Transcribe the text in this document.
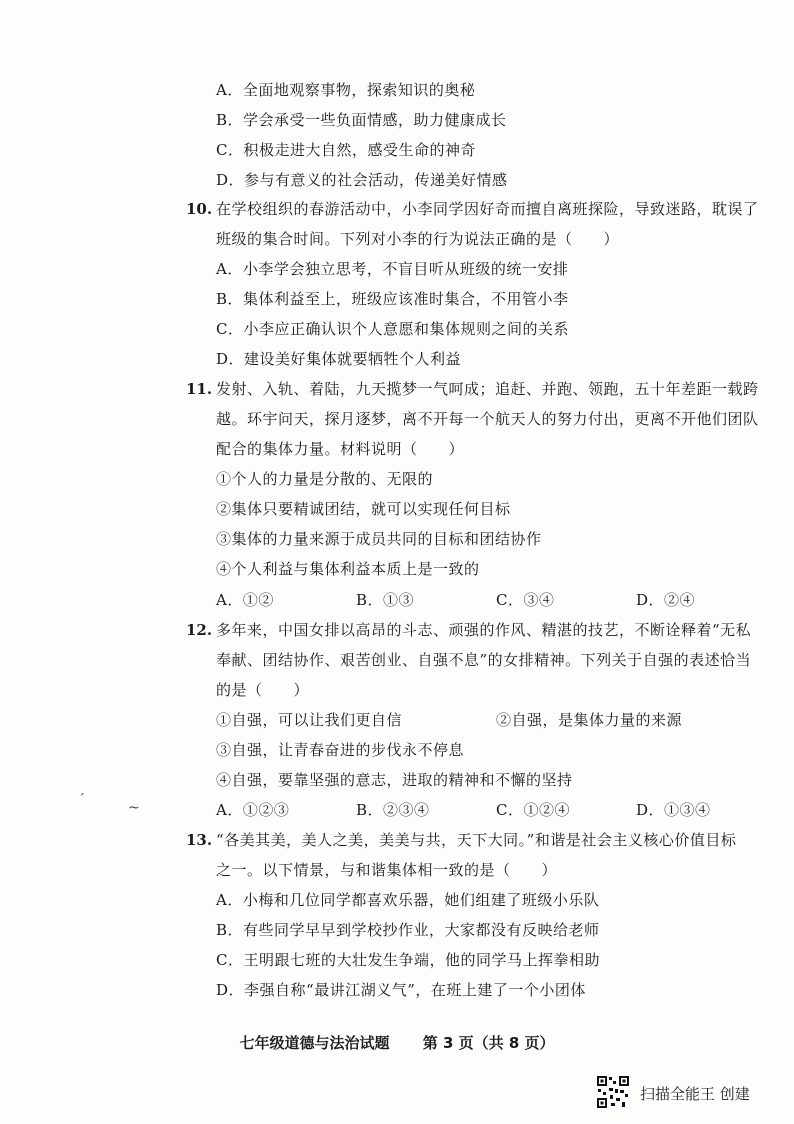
A．全面地观察事物，探索知识的奥秘
B．学会承受一些负面情感，助力健康成长
C．积极走进大自然，感受生命的神奇
D．参与有意义的社会活动，传递美好情感
10. 在学校组织的春游活动中，小李同学因好奇而擅自离班探险，导致迷路，耽误了
班级的集合时间。下列对小李的行为说法正确的是（　　）
A．小李学会独立思考，不盲目听从班级的统一安排
B．集体利益至上，班级应该准时集合，不用管小李
C．小李应正确认识个人意愿和集体规则之间的关系
D．建设美好集体就要牺牲个人利益
11. 发射、入轨、着陆，九天揽梦一气呵成；追赶、并跑、领跑，五十年差距一载跨
越。环宇问天，探月逐梦，离不开每一个航天人的努力付出，更离不开他们团队
配合的集体力量。材料说明（　　）
①个人的力量是分散的、无限的
②集体只要精诚团结，就可以实现任何目标
③集体的力量来源于成员共同的目标和团结协作
④个人利益与集体利益本质上是一致的
A．①②	B．①③	C．③④	D．②④
12. 多年来，中国女排以高昂的斗志、顽强的作风、精湛的技艺，不断诠释着“无私
奉献、团结协作、艰苦创业、自强不息”的女排精神。下列关于自强的表述恰当
的是（　　）
①自强，可以让我们更自信	②自强，是集体力量的来源
③自强，让青春奋进的步伐永不停息
④自强，要靠坚强的意志，进取的精神和不懈的坚持
A．①②③	B．②③④	C．①②④	D．①③④
ˊ	~
13. “各美其美，美人之美，美美与共，天下大同。”和谐是社会主义核心价值目标
之一。以下情景，与和谐集体相一致的是（　　）
A．小梅和几位同学都喜欢乐器，她们组建了班级小乐队
B．有些同学早早到学校抄作业，大家都没有反映给老师
C．王明跟七班的大壮发生争端，他的同学马上挥拳相助
D．李强自称“最讲江湖义气”，在班上建了一个小团体
七年级道德与法治试题 第 3 页（共 8 页）
扫描全能王 创建
